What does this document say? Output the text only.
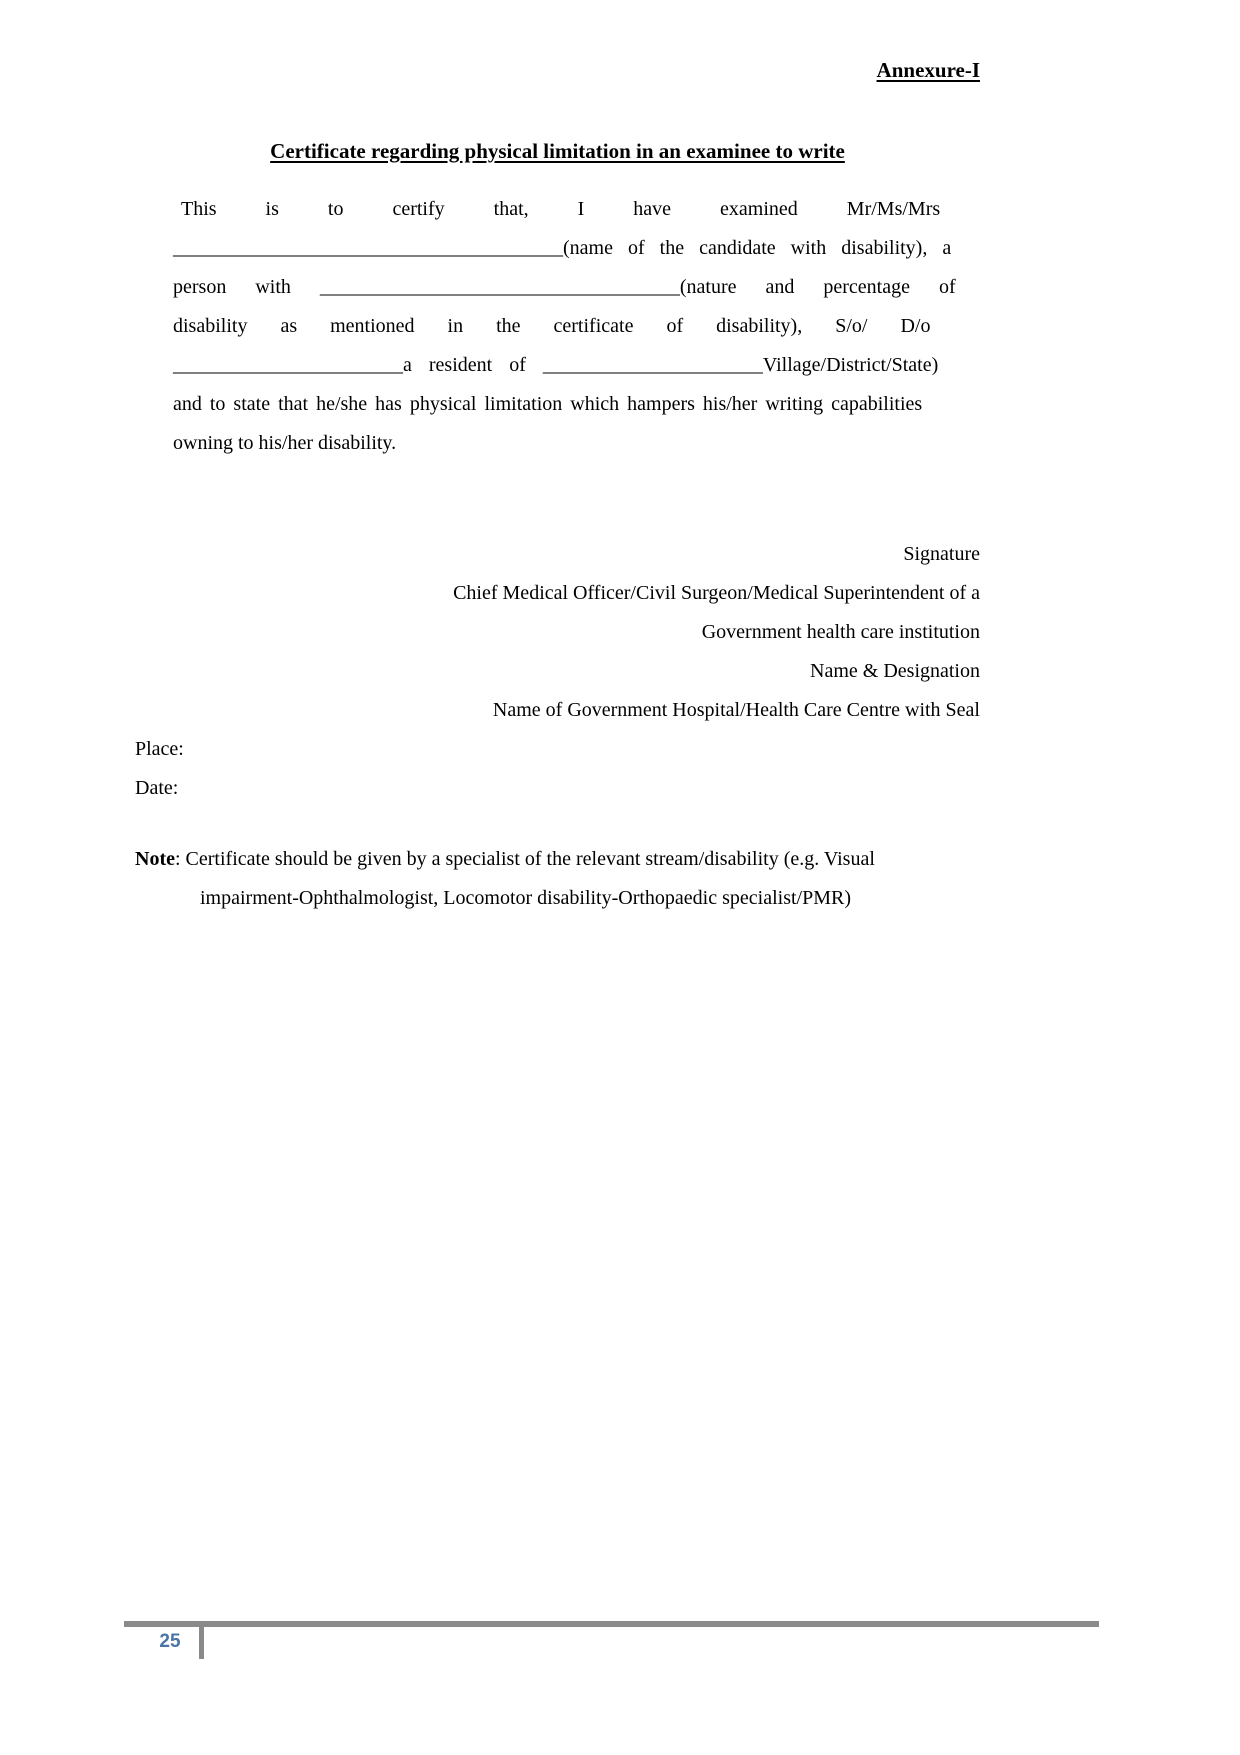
Annexure-I
Certificate regarding physical limitation in an examinee to write
This is to certify that, I have examined Mr/Ms/Mrs
_______________________________________(name of the candidate with disability), a
person with ____________________________________(nature and percentage of
disability as mentioned in the certificate of disability), S/o/ D/o
_______________________a resident of ______________________Village/District/State)
and to state that he/she has physical limitation which hampers his/her writing capabilities
owning to his/her disability.
Signature
Chief Medical Officer/Civil Surgeon/Medical Superintendent of a
Government health care institution
Name & Designation
Name of Government Hospital/Health Care Centre with Seal
Place:
Date:
Note: Certificate should be given by a specialist of the relevant stream/disability (e.g. Visual
impairment-Ophthalmologist, Locomotor disability-Orthopaedic specialist/PMR)
25
